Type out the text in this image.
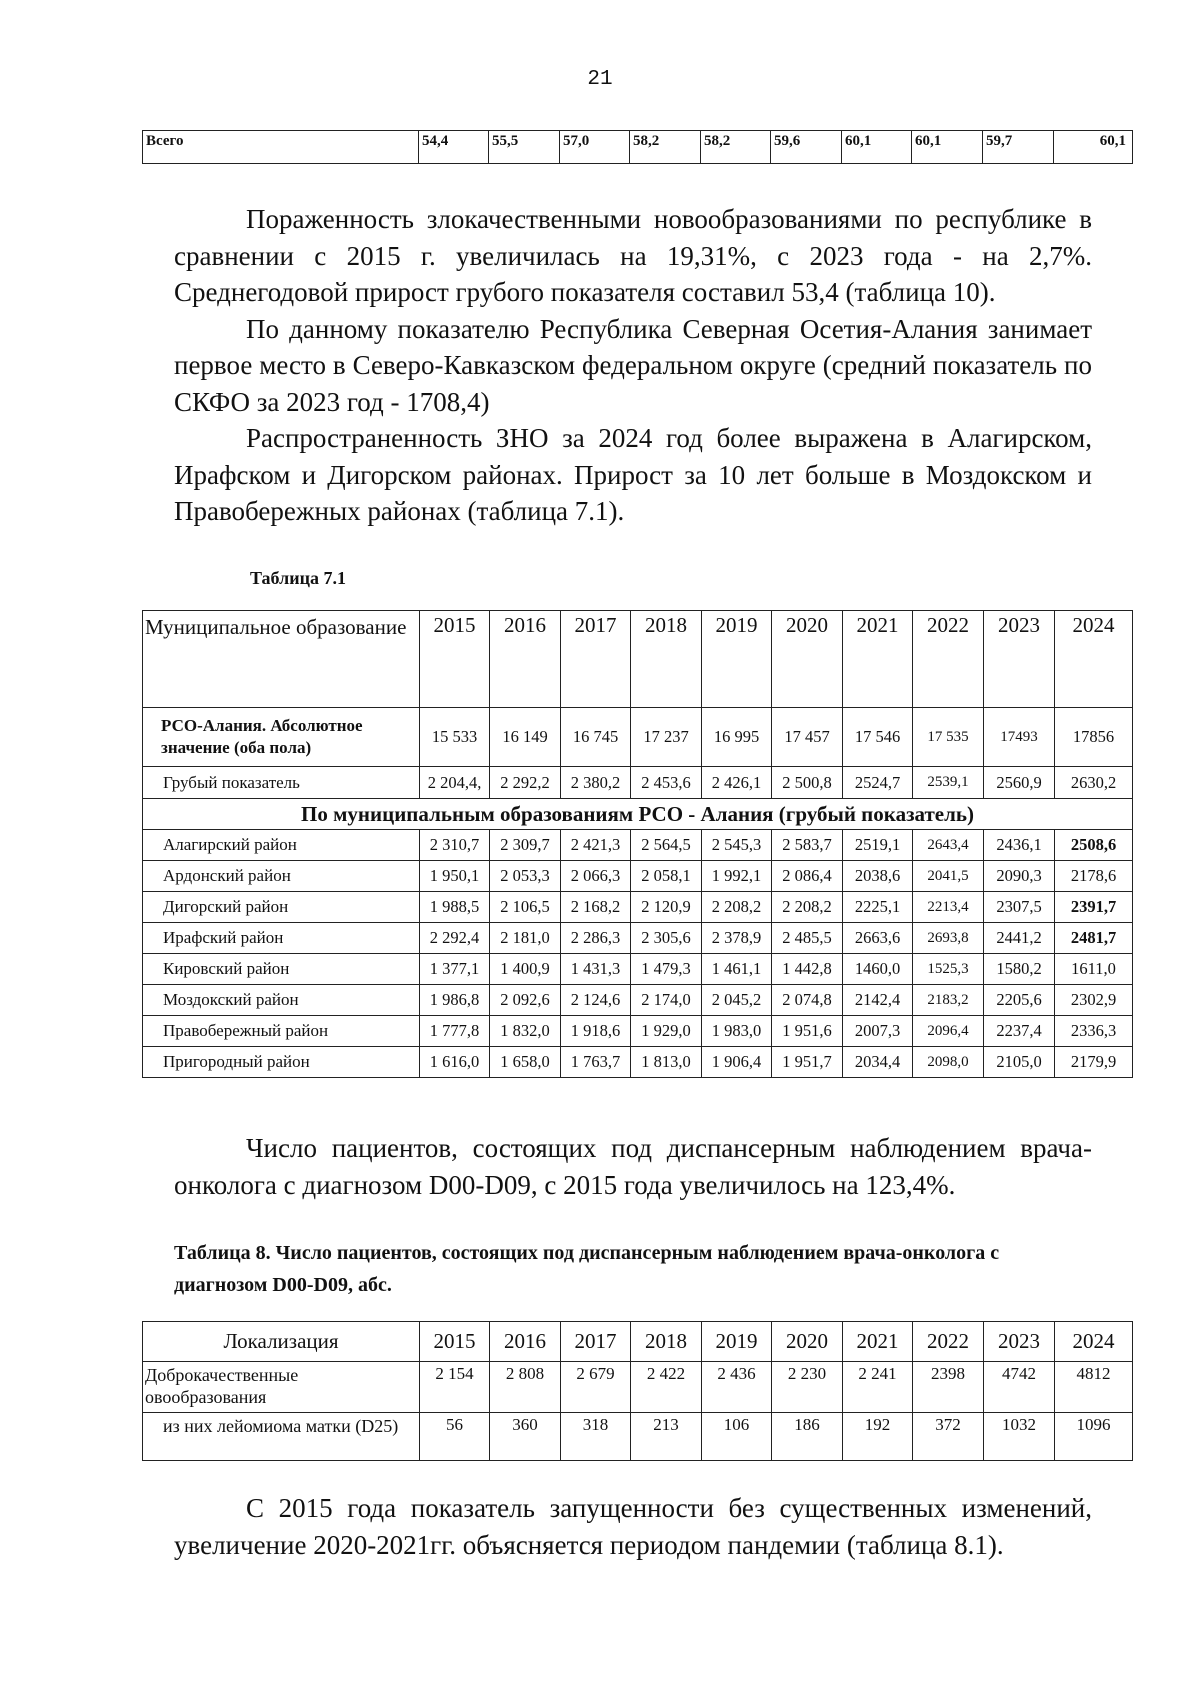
21
Всего	54,4	55,5	57,0	58,2	58,2	59,6	60,1	60,1	59,7	60,1

Пораженность злокачественными новообразованиями по республике в сравнении с 2015 г. увеличилась на 19,31%, с 2023 года - на 2,7%. Среднегодовой прирост грубого показателя составил 53,4 (таблица 10).

По данному показателю Республика Северная Осетия-Алания занимает первое место в Северо-Кавказском федеральном округе (средний показатель по СКФО за 2023 год - 1708,4)

Распространенность ЗНО за 2024 год более выражена в Алагирском, Ирафском и Дигорском районах. Прирост за 10 лет больше в Моздокском и Правобережных районах (таблица 7.1).

Таблица 7.1
Муниципальное образование	2015	2016	2017	2018	2019	2020	2021	2022	2023	2024
РСО-Алания. Абсолютное значение (оба пола)	15 533	16 149	16 745	17 237	16 995	17 457	17 546	17 535	17493	17856
Грубый показатель	2 204,4,	2 292,2	2 380,2	2 453,6	2 426,1	2 500,8	2524,7	2539,1	2560,9	2630,2
По муниципальным образованиям РСО - Алания (грубый показатель)										
Алагирский район	2 310,7	2 309,7	2 421,3	2 564,5	2 545,3	2 583,7	2519,1	2643,4	2436,1	2508,6
Ардонский район	1 950,1	2 053,3	2 066,3	2 058,1	1 992,1	2 086,4	2038,6	2041,5	2090,3	2178,6
Дигорский район	1 988,5	2 106,5	2 168,2	2 120,9	2 208,2	2 208,2	2225,1	2213,4	2307,5	2391,7
Ирафский район	2 292,4	2 181,0	2 286,3	2 305,6	2 378,9	2 485,5	2663,6	2693,8	2441,2	2481,7
Кировский район	1 377,1	1 400,9	1 431,3	1 479,3	1 461,1	1 442,8	1460,0	1525,3	1580,2	1611,0
Моздокский район	1 986,8	2 092,6	2 124,6	2 174,0	2 045,2	2 074,8	2142,4	2183,2	2205,6	2302,9
Правобережный район	1 777,8	1 832,0	1 918,6	1 929,0	1 983,0	1 951,6	2007,3	2096,4	2237,4	2336,3
Пригородный район	1 616,0	1 658,0	1 763,7	1 813,0	1 906,4	1 951,7	2034,4	2098,0	2105,0	2179,9

Число пациентов, состоящих под диспансерным наблюдением врача-онколога с диагнозом D00-D09, с 2015 года увеличилось на 123,4%.

Таблица 8. Число пациентов, состоящих под диспансерным наблюдением врача-онколога с диагнозом D00-D09, абс.
Локализация	2015	2016	2017	2018	2019	2020	2021	2022	2023	2024
Доброкачественные овообразования	2 154	2 808	2 679	2 422	2 436	2 230	2 241	2398	4742	4812
из них лейомиома матки (D25)	56	360	318	213	106	186	192	372	1032	1096

С 2015 года показатель запущенности без существенных изменений, увеличение 2020-2021гг. объясняется периодом пандемии (таблица 8.1).
